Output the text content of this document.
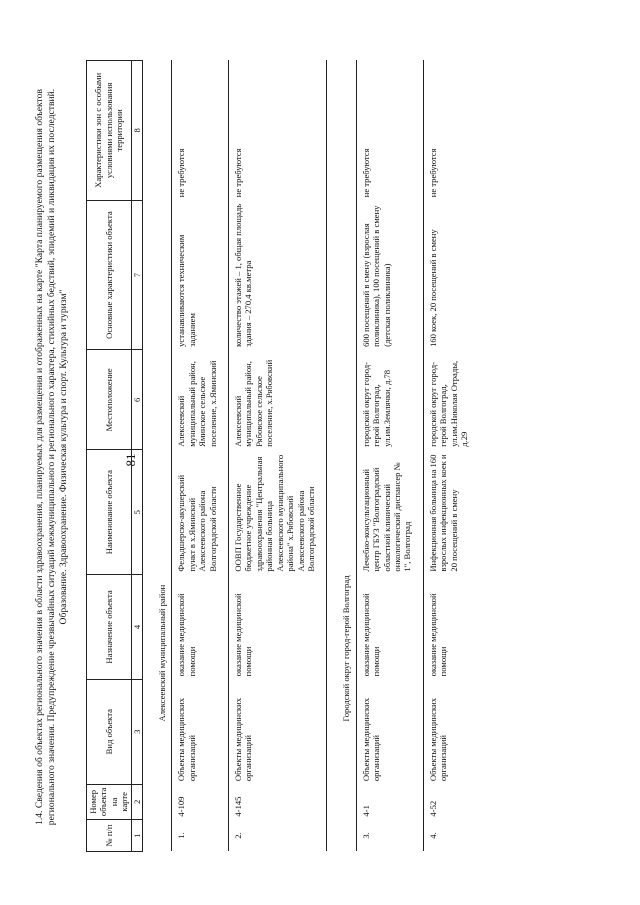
81
1.4. Сведения об объектах регионального значения в области здравоохранения, планируемых для размещения и отображенных на карте "Карта планируемого размещения объектов регионального значения. Предупреждение чрезвычайных ситуаций межмуниципального и регионального характера, стихийных бедствий, эпидемий и ликвидация их последствий. Образование. Здравоохранение. Физическая культура и спорт. Культура и туризм"
№ п/п	Номер объекта на карте	Вид объекта	Назначение объекта	Наименование объекта	Местоположение	Основные характеристики объекта	Характеристики зон с особыми условиями использования территории
1	2	3	4	5	6	7	8
Алексеевский муниципальный район							
1.	4-109	Объекты медицинских организаций	оказание медицинской помощи	Фельдшерско-акушерский пункт в х.Яминский Алексеевского района Волгоградской области	Алексеевский муниципальный район, Яминское сельское поселение, х.Яминский	устанавливаются техническим заданием	не требуются
2.	4-145	Объекты медицинских организаций	оказание медицинской помощи	ООВП Государственное бюджетное учреждение здравоохранения "Центральная районная больница Алексеевского муниципального района" х.Рябовский Алексеевского района Волгоградской области	Алексеевский муниципальный район, Рябовское сельское поселение, х.Рябовский	количество этажей – 1, общая площадь здания – 270,4 кв.метра	не требуются
Городской округ город-герой Волгоград							
3.	4-1	Объекты медицинских организаций	оказание медицинской помощи	Лечебно-консультационный центр ГБУЗ "Волгоградский областной клинический онкологический диспансер № 1", Волгоград	городской округ город-герой Волгоград, ул.им.Землячки, д.78	600 посещений в смену (взрослая поликлиника), 100 посещений в смену (детская поликлиника)	не требуются
4.	4-52	Объекты медицинских организаций	оказание медицинской помощи	Инфекционная больница на 160 взрослых инфекционных коек и 20 посещений в смену	городской округ город-герой Волгоград, ул.им.Николая Отрады, д.29	160 коек, 20 посещений в смену	не требуются
